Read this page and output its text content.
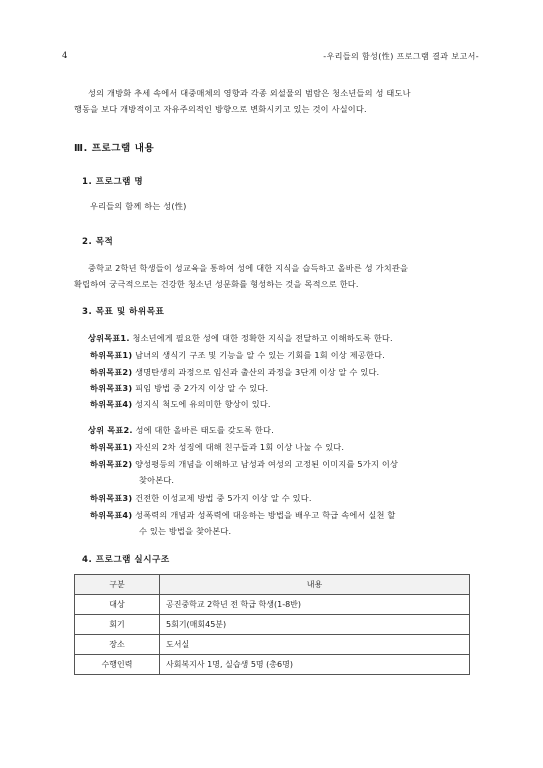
4	-우리들의 함성(性) 프로그램 결과 보고서-
성의 개방화 추세 속에서 대중매체의 영향과 각종 외설물의 범람은 청소년들의 성 태도나
행동을 보다 개방적이고 자유주의적인 방향으로 변화시키고 있는 것이 사실이다.
Ⅲ. 프로그램 내용
1. 프로그램 명
우리들의 함께 하는 성(性)
2. 목적
중학교 2학년 학생들이 성교육을 통하여 성에 대한 지식을 습득하고 올바른 성 가치관을
확립하여 궁극적으로는 건강한 청소년 성문화를 형성하는 것을 목적으로 한다.
3. 목표 및 하위목표
상위목표1. 청소년에게 필요한 성에 대한 정확한 지식을 전달하고 이해하도록 한다.
하위목표1) 남녀의 생식기 구조 및 기능을 알 수 있는 기회를 1회 이상 제공한다.
하위목표2) 생명탄생의 과정으로 임신과 출산의 과정을 3단계 이상 알 수 있다.
하위목표3) 피임 방법 중 2가지 이상 알 수 있다.
하위목표4) 성지식 척도에 유의미한 향상이 있다.
상위 목표2. 성에 대한 올바른 태도를 갖도록 한다.
하위목표1) 자신의 2차 성징에 대해 친구들과 1회 이상 나눌 수 있다.
하위목표2) 양성평등의 개념을 이해하고 남성과 여성의 고정된 이미지를 5가지 이상
찾아본다.
하위목표3) 건전한 이성교제 방법 중 5가지 이상 알 수 있다.
하위목표4) 성폭력의 개념과 성폭력에 대응하는 방법을 배우고 학급 속에서 실천 할
수 있는 방법을 찾아본다.
4. 프로그램 실시구조
구분	내용
대상	공진중학교 2학년 전 학급 학생(1-8반)
회기	5회기(매회45분)
장소	도서실
수행인력	사회복지사 1명, 실습생 5명 (총6명)
